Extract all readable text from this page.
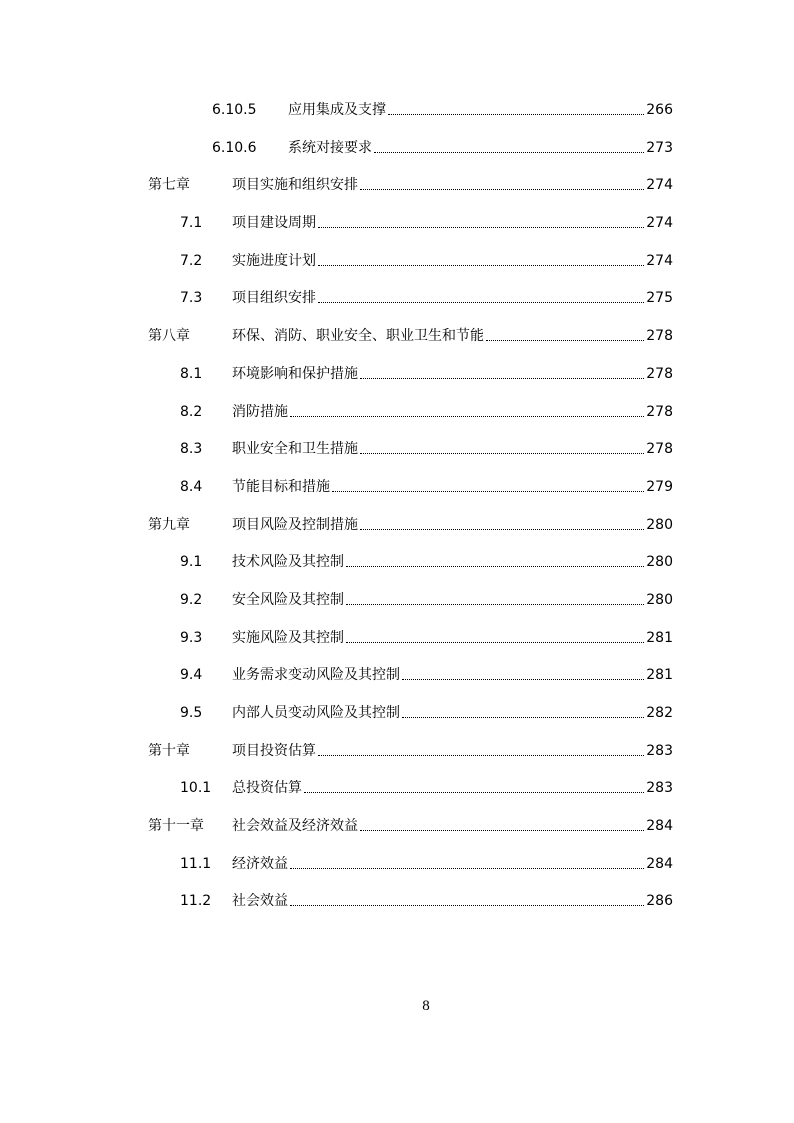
6.10.5 应用集成及支撑	266
6.10.6 系统对接要求	273
第七章	项目实施和组织安排	274
7.1 项目建设周期	274
7.2 实施进度计划	274
7.3 项目组织安排	275
第八章	环保、消防、职业安全、职业卫生和节能	278
8.1 环境影响和保护措施	278
8.2 消防措施	278
8.3 职业安全和卫生措施	278
8.4 节能目标和措施	279
第九章	项目风险及控制措施	280
9.1 技术风险及其控制	280
9.2 安全风险及其控制	280
9.3 实施风险及其控制	281
9.4 业务需求变动风险及其控制	281
9.5 内部人员变动风险及其控制	282
第十章	项目投资估算	283
10.1 总投资估算	283
第十一章 社会效益及经济效益	284
11.1 经济效益	284
11.2 社会效益	286
8
